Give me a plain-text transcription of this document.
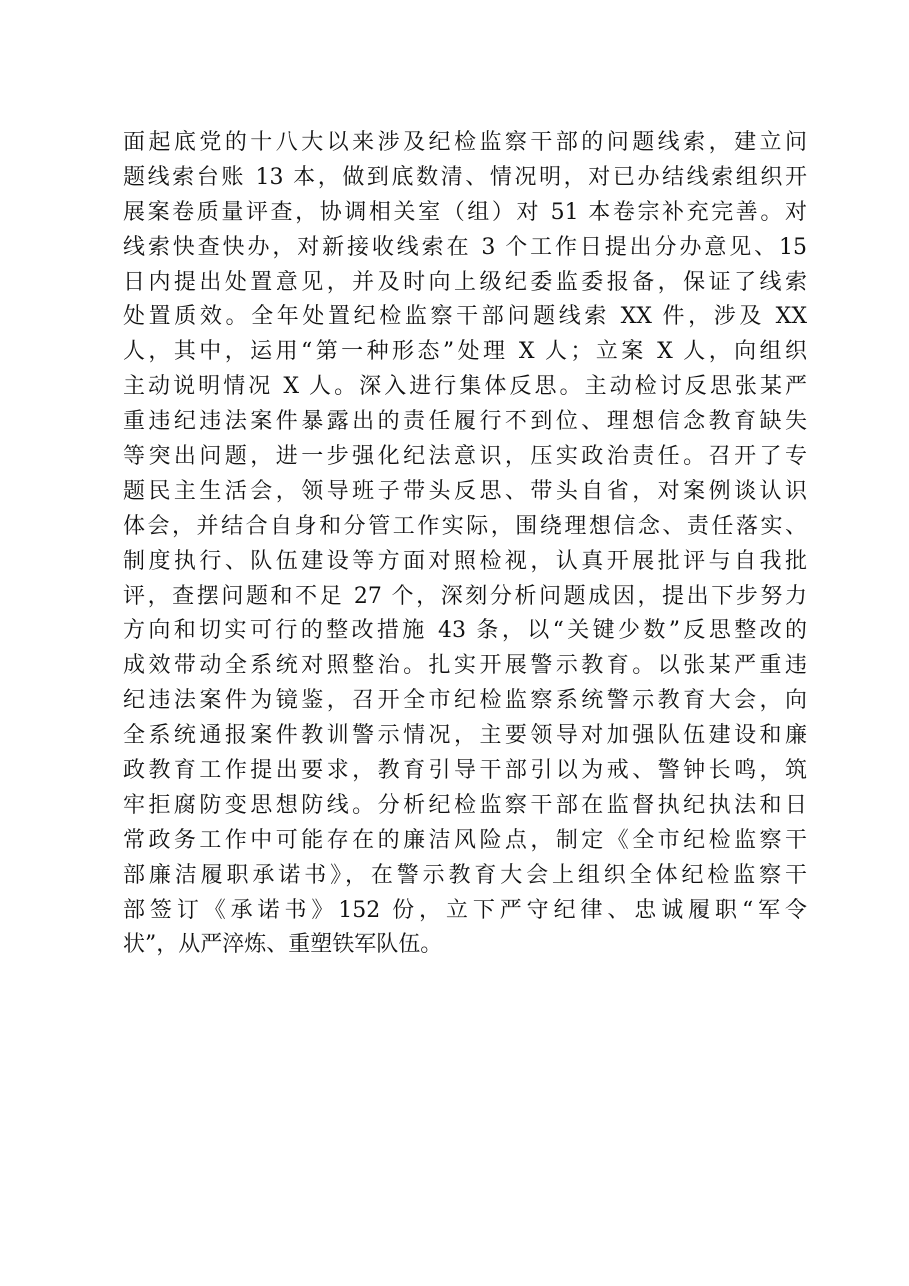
面起底党的十八大以来涉及纪检监察干部的问题线索，建立问
题线索台账 13 本，做到底数清、情况明，对已办结线索组织开
展案卷质量评查，协调相关室（组）对 51 本卷宗补充完善。对
线索快查快办，对新接收线索在 3 个工作日提出分办意见、15
日内提出处置意见，并及时向上级纪委监委报备，保证了线索
处置质效。全年处置纪检监察干部问题线索 XX 件，涉及 XX
人，其中，运用“第一种形态”处理 X 人；立案 X 人，向组织
主动说明情况 X 人。深入进行集体反思。主动检讨反思张某严
重违纪违法案件暴露出的责任履行不到位、理想信念教育缺失
等突出问题，进一步强化纪法意识，压实政治责任。召开了专
题民主生活会，领导班子带头反思、带头自省，对案例谈认识
体会，并结合自身和分管工作实际，围绕理想信念、责任落实、
制度执行、队伍建设等方面对照检视，认真开展批评与自我批
评，查摆问题和不足 27 个，深刻分析问题成因，提出下步努力
方向和切实可行的整改措施 43 条，以“关键少数”反思整改的
成效带动全系统对照整治。扎实开展警示教育。以张某严重违
纪违法案件为镜鉴，召开全市纪检监察系统警示教育大会，向
全系统通报案件教训警示情况，主要领导对加强队伍建设和廉
政教育工作提出要求，教育引导干部引以为戒、警钟长鸣，筑
牢拒腐防变思想防线。分析纪检监察干部在监督执纪执法和日
常政务工作中可能存在的廉洁风险点，制定《全市纪检监察干
部廉洁履职承诺书》，在警示教育大会上组织全体纪检监察干
部签订《承诺书》152 份，立下严守纪律、忠诚履职“军令
状”，从严淬炼、重塑铁军队伍。
